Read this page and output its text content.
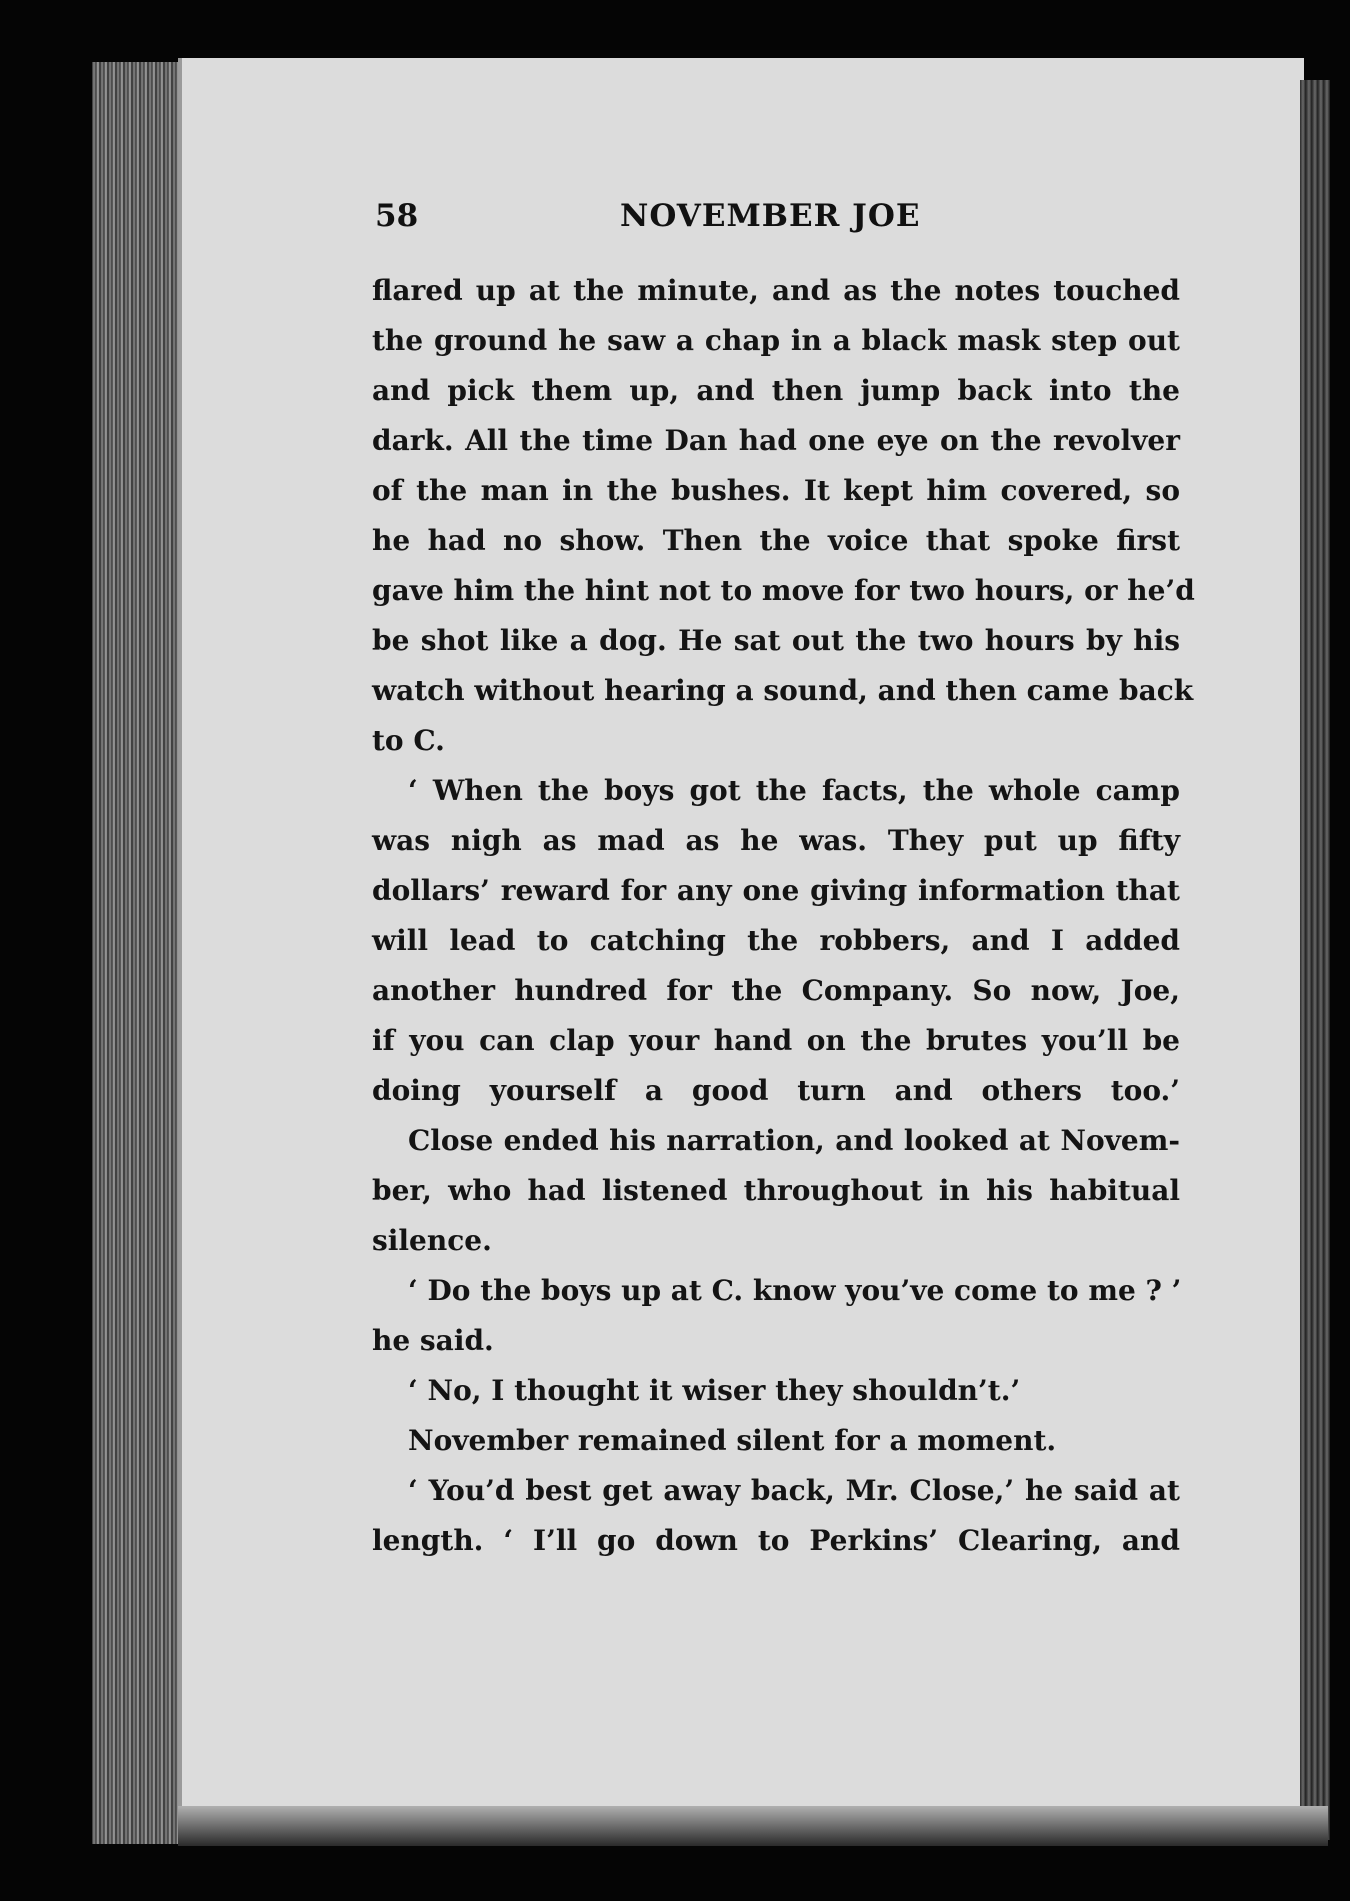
58	NOVEMBER JOE
flared up at the minute, and as the notes touched
the ground he saw a chap in a black mask step out
and pick them up, and then jump back into the
dark. All the time Dan had one eye on the revolver
of the man in the bushes. It kept him covered, so
he had no show. Then the voice that spoke first
gave him the hint not to move for two hours, or he’d
be shot like a dog. He sat out the two hours by his
watch without hearing a sound, and then came back
to C.
‘ When the boys got the facts, the whole camp
was nigh as mad as he was. They put up fifty
dollars’ reward for any one giving information that
will lead to catching the robbers, and I added
another hundred for the Company. So now, Joe,
if you can clap your hand on the brutes you’ll be
doing yourself a good turn and others too.’
Close ended his narration, and looked at Novem-
ber, who had listened throughout in his habitual
silence.
‘ Do the boys up at C. know you’ve come to me ? ’
he said.
‘ No, I thought it wiser they shouldn’t.’
November remained silent for a moment.
‘ You’d best get away back, Mr. Close,’ he said at
length. ‘ I’ll go down to Perkins’ Clearing, and
